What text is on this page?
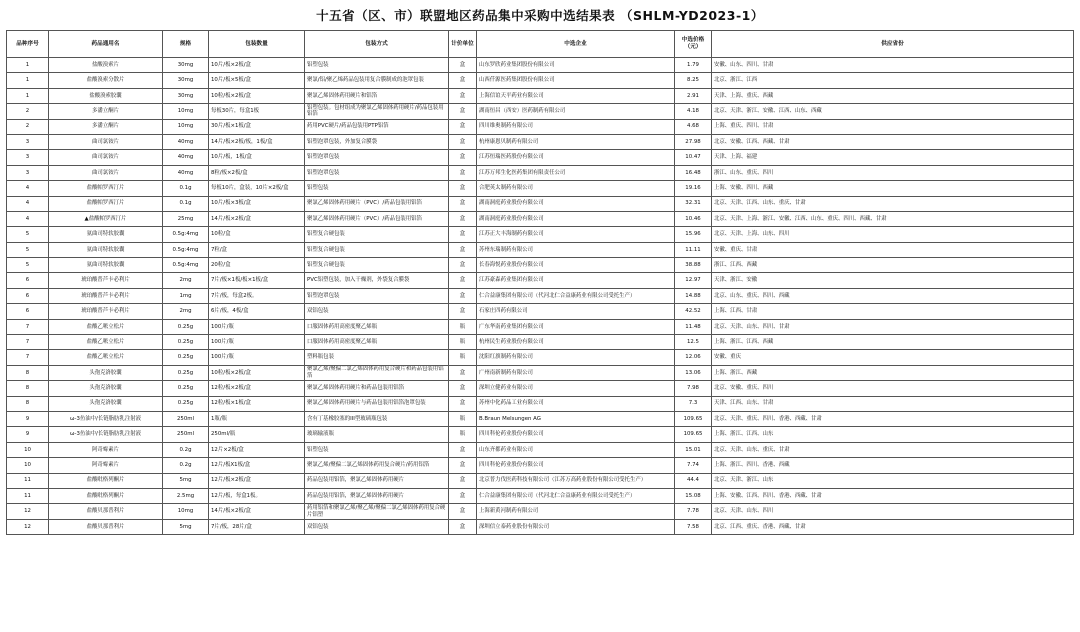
十五省（区、市）联盟地区药品集中采购中选结果表 （SHLM-YD2023-1）
品种序号	药品通用名	规格	包装数量	包装方式	计价单位	中选企业	中选价格（元）	供应省份
1	盐酸溴索片	30mg	10片/板×2板/盒	铝塑包装	盒	山东罗欣药业集团股份有限公司	1.79	安徽、山东、四川、甘肃
1	盐酸溴索分散片	30mg	10片/板×5板/盒	聚氯/铝/聚乙烯药品包装用复合膜制成的泡罩包装	盒	山西仟源医药集团股份有限公司	8.25	北京、浙江、江西
1	盐酸溴索胶囊	30mg	10粒/板×2板/盒	聚氯乙烯固体药用硬片和铝箔	盒	上海信谊天平药业有限公司	2.91	天津、上海、重庆、西藏
2	多潘立酮片	10mg	每板30片，每盒1板	铝塑包装。包材组成为聚氯乙烯固体药用硬片/药品包装用铝箔	盒	湖南恒昌（西安）医药制药有限公司	4.18	北京、天津、浙江、安徽、江西、山东、西藏
2	多潘立酮片	10mg	30片/板×1板/盒	药用PVC硬片/药品包装用PTP铝箔	盒	四川维奥制药有限公司	4.68	上海、重庆、四川、甘肃
3	曲司氯铵片	40mg	14片/板×2板/板，1板/盒	铝塑泡罩包装，外加复合膜袋	盒	杭州康恩贝制药有限公司	27.98	北京、安徽、江西、西藏、甘肃
3	曲司氯铵片	40mg	10片/板，1板/盒	铝塑泡罩包装	盒	江苏恒瑞医药股份有限公司	10.47	天津、上海、福建
3	曲司氯铵片	40mg	8粒/板×2板/盒	铝塑泡罩包装	盒	江苏万邦生化医药集团有限责任公司	16.48	浙江、山东、重庆、四川
4	盐酸帕罗西汀片	0.1g	每板10片，盒装，10片×2板/盒	铝塑包装	盒	合肥英太制药有限公司	19.16	上海、安徽、四川、西藏
4	盐酸帕罗西汀片	0.1g	10片/板×3板/盒	聚氯乙烯固体药用硬片（PVC）/药品包装用铝箔	盒	湖南洞庭药业股份有限公司	32.31	北京、天津、江西、山东、重庆、甘肃
4	▲盐酸帕罗西汀片	25mg	14片/板×2板/盒	聚氯乙烯固体药用硬片（PVC）/药品包装用铝箔	盒	湖南洞庭药业股份有限公司	10.46	北京、天津、上海、浙江、安徽、江西、山东、重庆、四川、西藏、甘肃
5	氨曲司特软胶囊	0.5g:4mg	10粒/盒	铝塑复合硬包装	盒	江苏正大丰海制药有限公司	15.96	北京、天津、上海、山东、四川
5	氨曲司特软胶囊	0.5g:4mg	7粒/盒	铝塑复合硬包装	盒	苏州东瑞制药有限公司	11.11	安徽、重庆、甘肃
5	氨曲司特软胶囊	0.5g:4mg	20粒/盒	铝塑复合硬包装	盒	长春海悦药业股份有限公司	38.88	浙江、江西、西藏
6	琥珀酸普芦卡必利片	2mg	7片/板×1板/板×1板/盒	PVC铝塑包装，加入干燥剂，外袋复合膜袋	盒	江苏豪森药业集团有限公司	12.97	天津、浙江、安徽
6	琥珀酸普芦卡必利片	1mg	7片/板，每盒2板。	铝塑泡罩包装	盒	仁合益康集团有限公司（代河北仁合益康药业有限公司受托生产）	14.88	北京、山东、重庆、四川、西藏
6	琥珀酸普芦卡必利片	2mg	6片/板，4板/盒	双铝包装	盒	石家庄四药有限公司	42.52	上海、江西、甘肃
7	盐酸乙哌立松片	0.25g	100片/瓶	口服固体药用高密度聚乙烯瓶	瓶	广东华南药业集团有限公司	11.48	北京、天津、山东、四川、甘肃
7	盐酸乙哌立松片	0.25g	100片/瓶	口服固体药用高密度聚乙烯瓶	瓶	杭州民生药业股份有限公司	12.5	上海、浙江、江西、西藏
7	盐酸乙哌立松片	0.25g	100片/瓶	塑料瓶包装	瓶	沈阳红旗制药有限公司	12.06	安徽、重庆
8	头孢克洛胶囊	0.25g	10粒/板×2板/盒	聚氯乙烯/聚偏二氯乙烯固体药用复合硬片和药品包装用铝箔	盒	广州南新制药有限公司	13.06	上海、浙江、西藏
8	头孢克洛胶囊	0.25g	12粒/板×2板/盒	聚氯乙烯固体药用硬片和药品包装用铝箔	盒	深圳立健药业有限公司	7.98	北京、安徽、重庆、四川
8	头孢克洛胶囊	0.25g	12粒/板×1板/盒	聚氯乙烯固体药用硬片与药品包装用铝箔泡罩包装	盒	苏州中化药品工业有限公司	7.3	天津、江西、山东、甘肃
9	ω-3鱼油中/长链脂肪乳注射液	250ml	1瓶/瓶	含有丁基橡胶塞的III型玻璃瓶包装	瓶	B.Braun Melsungen AG	109.65	北京、天津、重庆、四川、香港、西藏、甘肃
9	ω-3鱼油中/长链脂肪乳注射液	250ml	250ml/瓶	玻璃输液瓶	瓶	四川科伦药业股份有限公司	109.65	上海、浙江、江西、山东
10	阿奇霉素片	0.2g	12片×2板/盒	铝塑包装	盒	山东齐都药业有限公司	15.01	北京、天津、山东、重庆、甘肃
10	阿奇霉素片	0.2g	12片/板X1板/盒	聚氯乙烯/聚偏二氯乙烯固体药用复合硬片/药用铝箔	盒	四川科伦药业股份有限公司	7.74	上海、浙江、四川、香港、西藏
11	盐酸吡格列酮片	5mg	12片/板×2板/盒	药品包装用铝箔，聚氯乙烯固体药用硬片	盒	北京普力伐医药科技有限公司（江苏万高药业股份有限公司受托生产）	44.4	北京、天津、浙江、山东
11	盐酸吡格列酮片	2.5mg	12片/板，每盒1板。	药品包装用铝箔，聚氯乙烯固体药用硬片	盒	仁合益康集团有限公司（代河北仁合益康药业有限公司受托生产）	15.08	上海、安徽、江西、四川、香港、西藏、甘肃
12	盐酸贝那普利片	10mg	14片/板×2板/盒	药用铝箔和聚氯乙烯/聚乙烯/聚偏二氯乙烯固体药用复合硬片铝塑	盒	上海新黄河制药有限公司	7.78	北京、天津、山东、四川
12	盐酸贝那普利片	5mg	7片/板，28片/盒	双铝包装	盒	深圳信立泰药业股份有限公司	7.58	北京、江西、重庆、香港、西藏、甘肃
